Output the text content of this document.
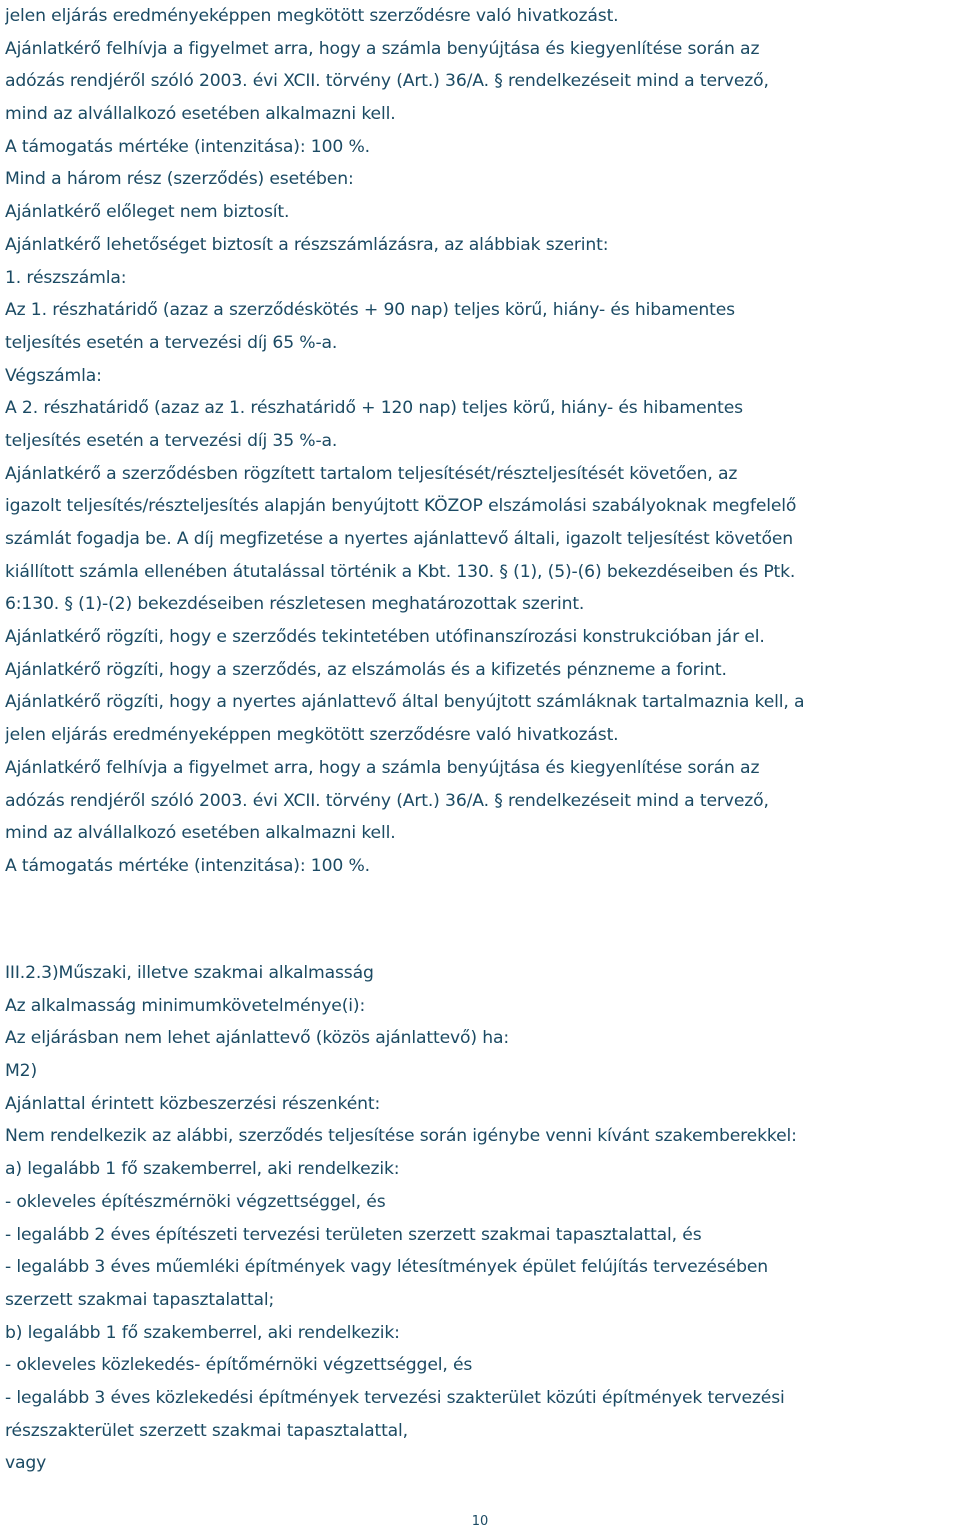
jelen eljárás eredményeképpen megkötött szerződésre való hivatkozást.
Ajánlatkérő felhívja a figyelmet arra, hogy a számla benyújtása és kiegyenlítése során az
adózás rendjéről szóló 2003. évi XCII. törvény (Art.) 36/A. § rendelkezéseit mind a tervező,
mind az alvállalkozó esetében alkalmazni kell.
A támogatás mértéke (intenzitása): 100 %.
Mind a három rész (szerződés) esetében:
Ajánlatkérő előleget nem biztosít.
Ajánlatkérő lehetőséget biztosít a részszámlázásra, az alábbiak szerint:
1. részszámla:
Az 1. részhatáridő (azaz a szerződéskötés + 90 nap) teljes körű, hiány- és hibamentes
teljesítés esetén a tervezési díj 65 %-a.
Végszámla:
A 2. részhatáridő (azaz az 1. részhatáridő + 120 nap) teljes körű, hiány- és hibamentes
teljesítés esetén a tervezési díj 35 %-a.
Ajánlatkérő a szerződésben rögzített tartalom teljesítését/részteljesítését követően, az
igazolt teljesítés/részteljesítés alapján benyújtott KÖZOP elszámolási szabályoknak megfelelő
számlát fogadja be. A díj megfizetése a nyertes ajánlattevő általi, igazolt teljesítést követően
kiállított számla ellenében átutalással történik a Kbt. 130. § (1), (5)-(6) bekezdéseiben és Ptk.
6:130. § (1)-(2) bekezdéseiben részletesen meghatározottak szerint.
Ajánlatkérő rögzíti, hogy e szerződés tekintetében utófinanszírozási konstrukcióban jár el.
Ajánlatkérő rögzíti, hogy a szerződés, az elszámolás és a kifizetés pénzneme a forint.
Ajánlatkérő rögzíti, hogy a nyertes ajánlattevő által benyújtott számláknak tartalmaznia kell, a
jelen eljárás eredményeképpen megkötött szerződésre való hivatkozást.
Ajánlatkérő felhívja a figyelmet arra, hogy a számla benyújtása és kiegyenlítése során az
adózás rendjéről szóló 2003. évi XCII. törvény (Art.) 36/A. § rendelkezéseit mind a tervező,
mind az alvállalkozó esetében alkalmazni kell.
A támogatás mértéke (intenzitása): 100 %.
III.2.3)Műszaki, illetve szakmai alkalmasság
Az alkalmasság minimumkövetelménye(i):
Az eljárásban nem lehet ajánlattevő (közös ajánlattevő) ha:
M2)
Ajánlattal érintett közbeszerzési részenként:
Nem rendelkezik az alábbi, szerződés teljesítése során igénybe venni kívánt szakemberekkel:
a) legalább 1 fő szakemberrel, aki rendelkezik:
- okleveles építészmérnöki végzettséggel, és
- legalább 2 éves építészeti tervezési területen szerzett szakmai tapasztalattal, és
- legalább 3 éves műemléki építmények vagy létesítmények épület felújítás tervezésében
szerzett szakmai tapasztalattal;
b) legalább 1 fő szakemberrel, aki rendelkezik:
- okleveles közlekedés- építőmérnöki végzettséggel, és
- legalább 3 éves közlekedési építmények tervezési szakterület közúti építmények tervezési
részszakterület szerzett szakmai tapasztalattal,
vagy
10
